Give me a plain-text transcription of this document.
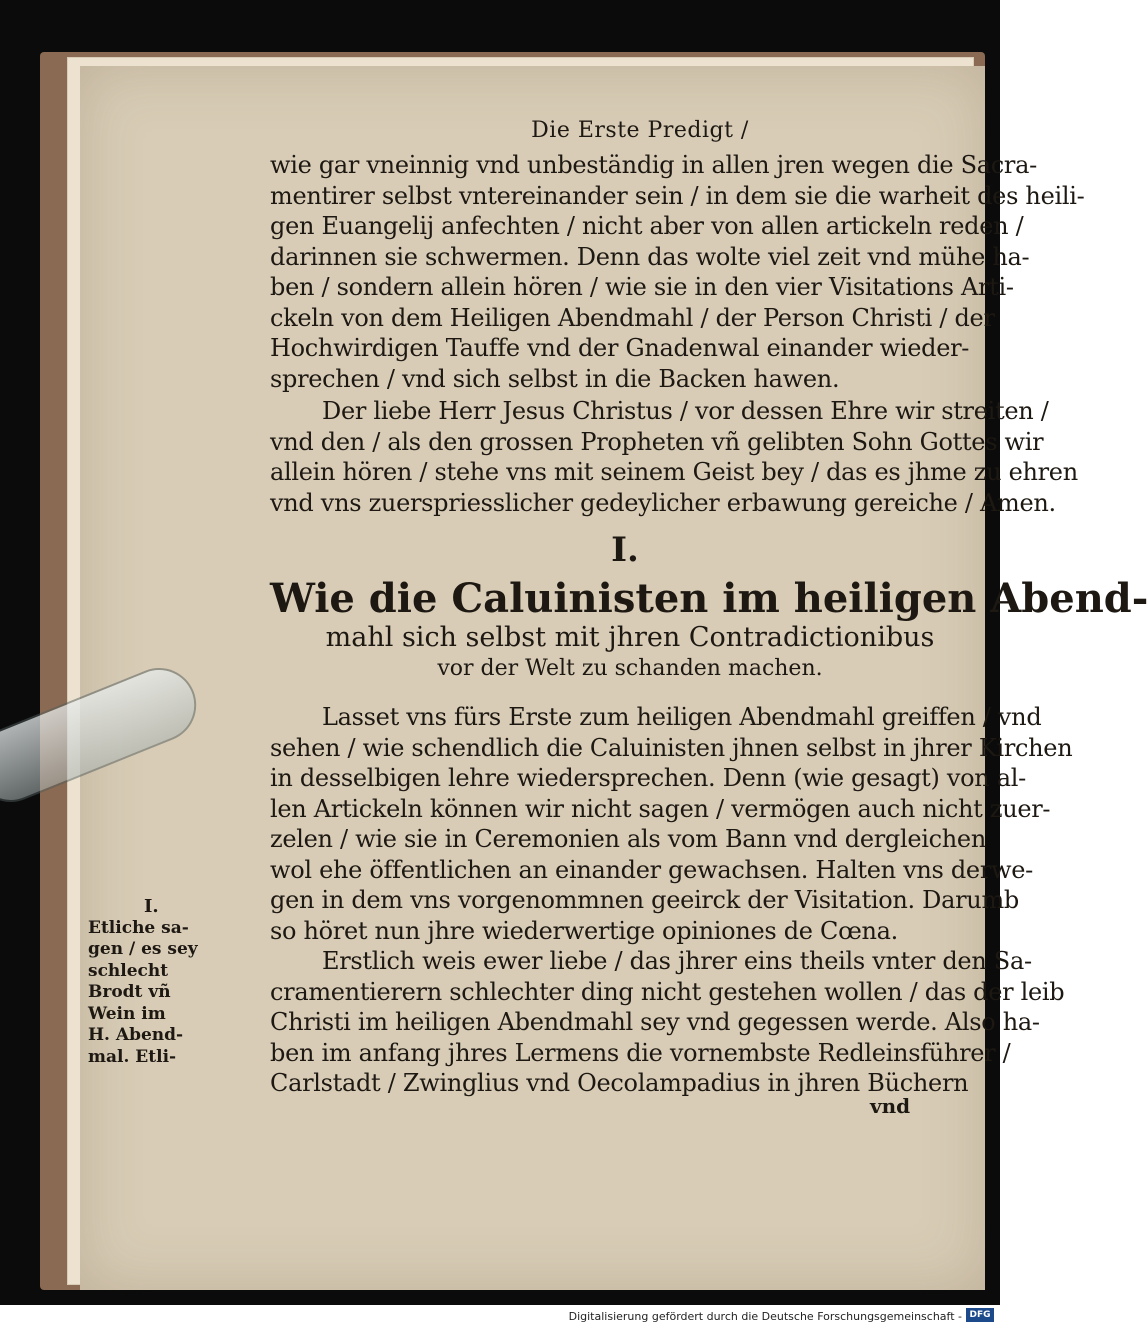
Die Erste Predigt /
wie gar vneinnig vnd unbeständig in allen jren wegen die Sacra-
mentirer selbst vntereinander sein / in dem sie die warheit des heili-
gen Euangelij anfechten / nicht aber von allen artickeln reden /
darinnen sie schwermen. Denn das wolte viel zeit vnd mühe ha-
ben / sondern allein hören / wie sie in den vier Visitations Arti-
ckeln von dem Heiligen Abendmahl / der Person Christi / der
Hochwirdigen Tauffe vnd der Gnadenwal einander wieder-
sprechen / vnd sich selbst in die Backen hawen.
Der liebe Herr Jesus Christus / vor dessen Ehre wir streiten /
vnd den / als den grossen Propheten vñ gelibten Sohn Gottes wir
allein hören / stehe vns mit seinem Geist bey / das es jhme zu ehren
vnd vns zuerspriesslicher gedeylicher erbawung gereiche / Amen.
I.
Wie die Caluinisten im heiligen Abend-
mahl sich selbst mit jhren Contradictionibus
vor der Welt zu schanden machen.
Lasset vns fürs Erste zum heiligen Abendmahl greiffen / vnd
sehen / wie schendlich die Caluinisten jhnen selbst in jhrer Kirchen
in desselbigen lehre wiedersprechen. Denn (wie gesagt) von al-
len Artickeln können wir nicht sagen / vermögen auch nicht zuer-
zelen / wie sie in Ceremonien als vom Bann vnd dergleichen
wol ehe öffentlichen an einander gewachsen. Halten vns derwe-
gen in dem vns vorgenommnen geeirck der Visitation. Darumb
so höret nun jhre wiederwertige opiniones de Cœna.
Erstlich weis ewer liebe / das jhrer eins theils vnter den Sa-
cramentierern schlechter ding nicht gestehen wollen / das der leib
Christi im heiligen Abendmahl sey vnd gegessen werde. Also ha-
ben im anfang jhres Lermens die vornembste Redleinsführer /
Carlstadt / Zwinglius vnd Oecolampadius in jhren Büchern
vnd
I.
Etliche sa-
gen / es sey
schlecht
Brodt vñ
Wein im
H. Abend-
mal. Etli-
Digitalisierung gefördert durch die Deutsche Forschungsgemeinschaft - DFG
